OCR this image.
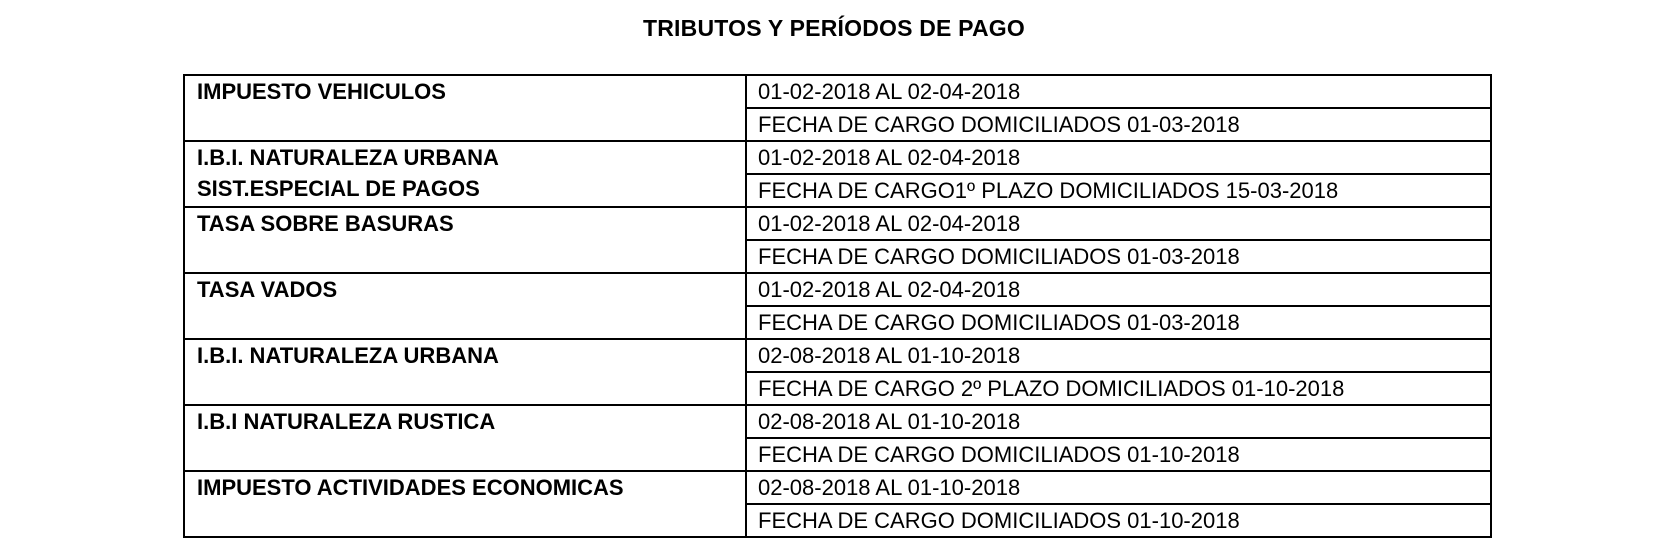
TRIBUTOS Y PERÍODOS DE PAGO
IMPUESTO VEHICULOS	01-02-2018 AL 02-04-2018
	FECHA DE CARGO DOMICILIADOS 01-03-2018

I.B.I. NATURALEZA URBANA
SIST.ESPECIAL DE PAGOS	01-02-2018 AL 02-04-2018
	FECHA DE CARGO1º PLAZO DOMICILIADOS 15-03-2018

TASA SOBRE BASURAS	01-02-2018 AL 02-04-2018
	FECHA DE CARGO DOMICILIADOS 01-03-2018

TASA VADOS	01-02-2018 AL 02-04-2018
	FECHA DE CARGO DOMICILIADOS 01-03-2018

I.B.I. NATURALEZA URBANA	02-08-2018 AL 01-10-2018
	FECHA DE CARGO 2º PLAZO DOMICILIADOS 01-10-2018

I.B.I NATURALEZA RUSTICA	02-08-2018 AL 01-10-2018
	FECHA DE CARGO DOMICILIADOS 01-10-2018

IMPUESTO ACTIVIDADES ECONOMICAS	02-08-2018 AL 01-10-2018
	FECHA DE CARGO DOMICILIADOS 01-10-2018
